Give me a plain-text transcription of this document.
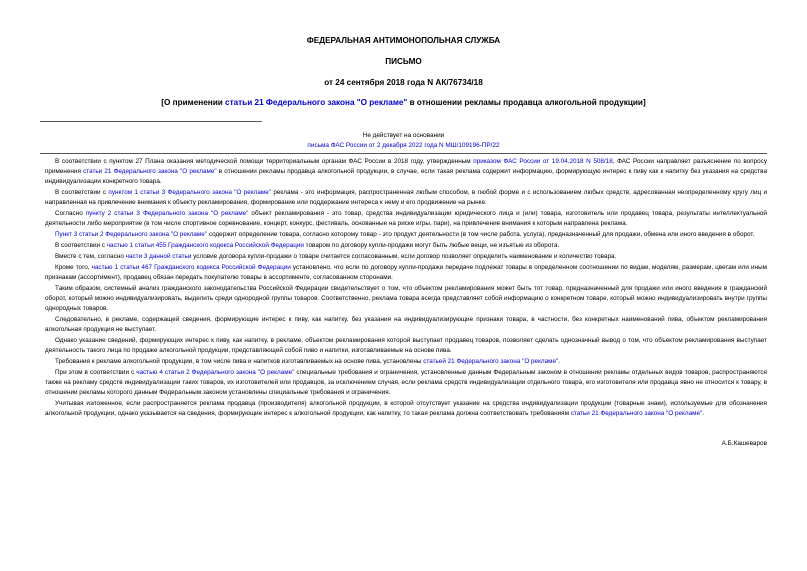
ФЕДЕРАЛЬНАЯ АНТИМОНОПОЛЬНАЯ СЛУЖБА
ПИСЬМО
от 24 сентября 2018 года N АК/76734/18
[О применении статьи 21 Федерального закона "О рекламе" в отношении рекламы продавца алкогольной продукции]
Не действует на основании
письма ФАС России от 2 декабря 2022 года N МШ/109196-ПР/22

В соответствии с пунктом 27 Плана оказания методической помощи территориальным органам ФАС России в 2018 году, утвержденным приказом ФАС России от 19.04.2018 N 508/18, ФАС России направляет разъяснение по вопросу применения статьи 21 Федерального закона "О рекламе" в отношении рекламы продавца алкогольной продукции, в случае, если такая реклама содержит информацию, формирующую интерес к пиву как к напитку без указания на средства индивидуализации конкретного товара.

В соответствии с пунктом 1 статьи 3 Федерального закона "О рекламе" реклама - это информация, распространенная любым способом, в любой форме и с использованием любых средств, адресованная неопределенному кругу лиц и направленная на привлечение внимания к объекту рекламирования, формирование или поддержание интереса к нему и его продвижение на рынке.

Согласно пункту 2 статьи 3 Федерального закона "О рекламе" объект рекламирования - это товар, средства индивидуализации юридического лица и (или) товара, изготовитель или продавец товара, результаты интеллектуальной деятельности либо мероприятие (в том числе спортивное соревнование, концерт, конкурс, фестиваль, основанные на риске игры, пари), на привлечение внимания к которым направлена реклама.

Пункт 3 статьи 2 Федерального закона "О рекламе" содержит определение товара, согласно которому товар - это продукт деятельности (в том числе работа, услуга), предназначенный для продажи, обмена или иного введения в оборот.

В соответствии с частью 1 статьи 455 Гражданского кодекса Российской Федерации товаром по договору купли-продажи могут быть любые вещи, не изъятые из оборота.

Вместе с тем, согласно части 3 данной статьи условие договора купли-продажи о товаре считается согласованным, если договор позволяет определить наименование и количество товара.

Кроме того, частью 1 статьи 467 Гражданского кодекса Российской Федерации установлено, что если по договору купли-продажи передаче подлежат товары в определенном соотношении по видам, моделям, размерам, цветам или иным признакам (ассортимент), продавец обязан передать покупателю товары в ассортименте, согласованном сторонами.

Таким образом, системный анализ гражданского законодательства Российской Федерации свидетельствует о том, что объектом рекламирования может быть тот товар, предназначенный для продажи или иного введения в гражданский оборот, который можно индивидуализировать, выделить среди однородной группы товаров. Соответственно, реклама товара всегда представляет собой информацию о конкретном товаре, который можно индивидуализировать внутри группы однородных товаров.

Следовательно, в рекламе, содержащей сведения, формирующие интерес к пиву, как напитку, без указания на индивидуализирующие признаки товара, в частности, без конкретных наименований пива, объектом рекламирования алкогольная продукция не выступает.

Однако указание сведений, формирующих интерес к пиву, как напитку, в рекламе, объектом рекламирования которой выступает продавец товаров, позволяет сделать однозначный вывод о том, что объектом рекламирования выступает деятельность такого лица по продаже алкогольной продукции, представляющей собой пиво и напитки, изготавливаемые на основе пива.

Требования к рекламе алкогольной продукции, в том числе пива и напитков изготавливаемых на основе пива, установлены статьей 21 Федерального закона "О рекламе".

При этом в соответствии с частью 4 статьи 2 Федерального закона "О рекламе" специальные требования и ограничения, установленные данным Федеральным законом в отношении рекламы отдельных видов товаров, распространяются также на рекламу средств индивидуализации таких товаров, их изготовителей или продавцов, за исключением случая, если реклама средств индивидуализации отдельного товара, его изготовителя или продавца явно не относится к товару, в отношении рекламы которого данным Федеральным законом установлены специальные требования и ограничения.

Учитывая изложенное, если распространяется реклама продавца (производителя) алкогольной продукции, в которой отсутствует указание на средства индивидуализации продукции (товарные знаки), используемые для обозначения алкогольной продукции, однако указывается на сведения, формирующие интерес к алкогольной продукции, как напитку, то такая реклама должна соответствовать требованиям статьи 21 Федерального закона "О рекламе".

А.Б.Кашеваров
